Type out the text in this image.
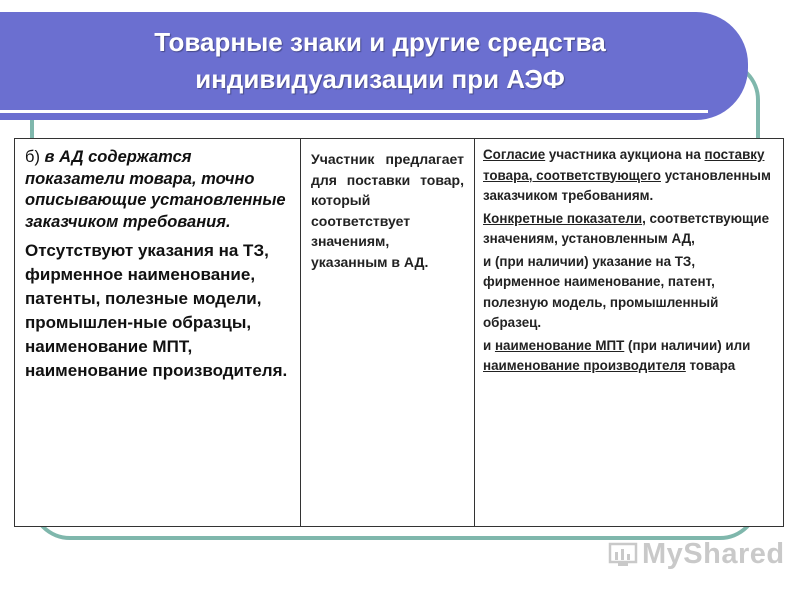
Товарные знаки и другие средства
индивидуализации при АЭФ
б) в АД содержатся показатели товара, точно описывающие установленные заказчиком требования.
Отсутствуют указания на ТЗ, фирменное наименование, патенты, полезные модели, промышлен-ные образцы, наименование МПТ, наименование производителя.
Участник предлагает для поставки товар, который соответствует значениям, указанным в АД.

Согласие участника аукциона на поставку товара, соответствующего установленным заказчиком требованиям.

Конкретные показатели, соответствующие значениям, установленным АД,

и (при наличии) указание на ТЗ, фирменное наименование, патент, полезную модель, промышленный образец.

и наименование МПТ (при наличии) или наименование производителя товара

MyShared
